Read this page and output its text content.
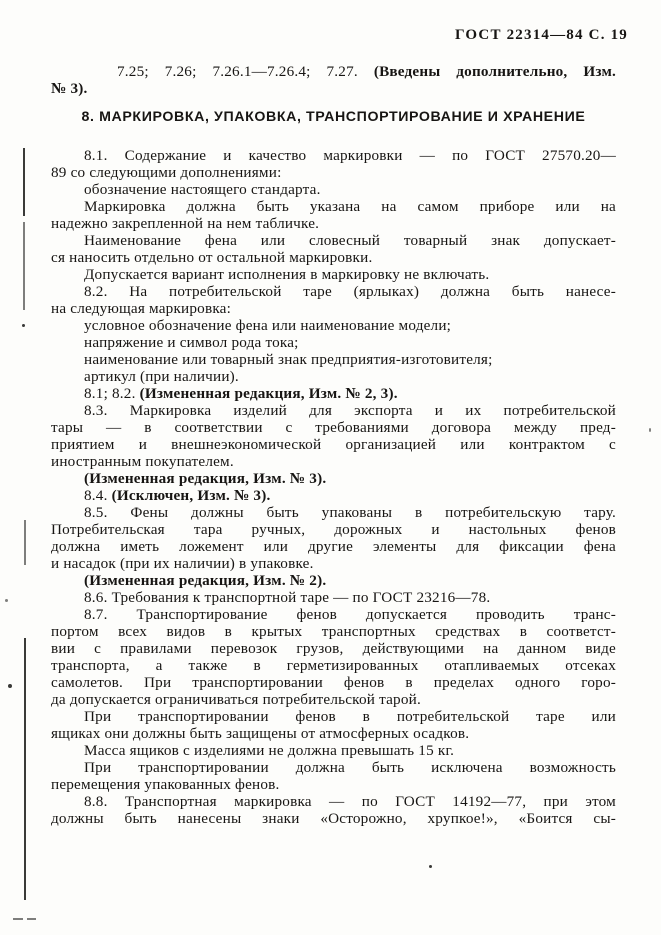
ГОСТ 22314—84 С. 19
7.25; 7.26; 7.26.1—7.26.4; 7.27. (Введены дополнительно, Изм.
№ 3).
8. МАРКИРОВКА, УПАКОВКА, ТРАНСПОРТИРОВАНИЕ И ХРАНЕНИЕ
8.1. Содержание и качество маркировки — по ГОСТ 27570.20—
89 со следующими дополнениями:
обозначение настоящего стандарта.
Маркировка должна быть указана на самом приборе или на
надежно закрепленной на нем табличке.
Наименование фена или словесный товарный знак допускает-
ся наносить отдельно от остальной маркировки.
Допускается вариант исполнения в маркировку не включать.
8.2. На потребительской таре (ярлыках) должна быть нанесе-
на следующая маркировка:
условное обозначение фена или наименование модели;
напряжение и символ рода тока;
наименование или товарный знак предприятия-изготовителя;
артикул (при наличии).
8.1; 8.2. (Измененная редакция, Изм. № 2, 3).
8.3. Маркировка изделий для экспорта и их потребительской
тары — в соответствии с требованиями договора между пред-
приятием и внешнеэкономической организацией или контрактом с
иностранным покупателем.
(Измененная редакция, Изм. № 3).
8.4. (Исключен, Изм. № 3).
8.5. Фены должны быть упакованы в потребительскую тару.
Потребительская тара ручных, дорожных и настольных фенов
должна иметь ложемент или другие элементы для фиксации фена
и насадок (при их наличии) в упаковке.
(Измененная редакция, Изм. № 2).
8.6. Требования к транспортной таре — по ГОСТ 23216—78.
8.7. Транспортирование фенов допускается проводить транс-
портом всех видов в крытых транспортных средствах в соответст-
вии с правилами перевозок грузов, действующими на данном виде
транспорта, а также в герметизированных отапливаемых отсеках
самолетов. При транспортировании фенов в пределах одного горо-
да допускается ограничиваться потребительской тарой.
При транспортировании фенов в потребительской таре или
ящиках они должны быть защищены от атмосферных осадков.
Масса ящиков с изделиями не должна превышать 15 кг.
При транспортировании должна быть исключена возможность
перемещения упакованных фенов.
8.8. Транспортная маркировка — по ГОСТ 14192—77, при этом
должны быть нанесены знаки «Осторожно, хрупкое!», «Боится сы-
